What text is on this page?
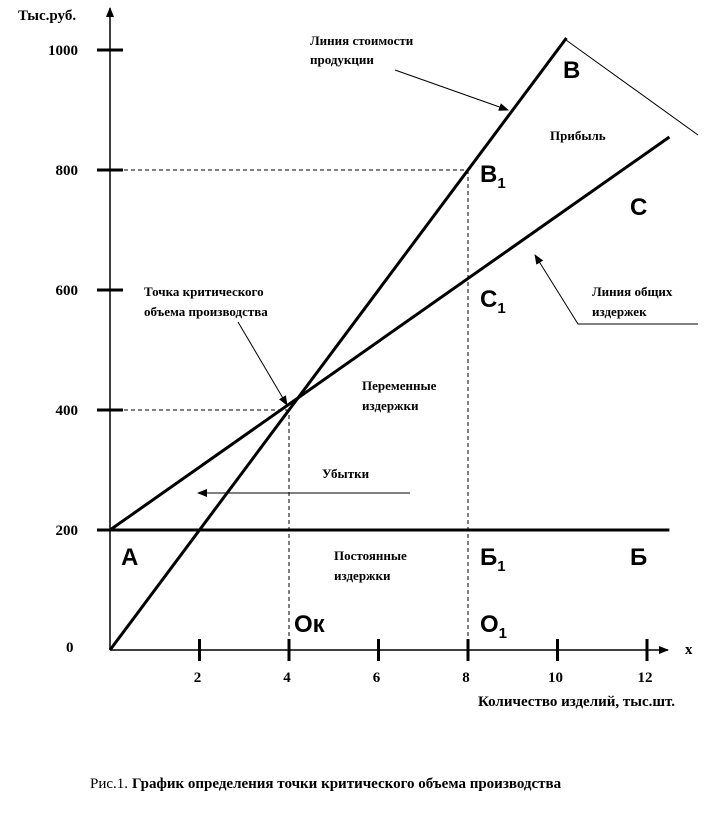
0
200
400
600
800
1000
2	4	6	8	10	12
Тыс.руб.
x
Количество изделий, тыс.шт.
Линия стоимости
продукции
Прибыль
Линия общих
издержек
Точка критического
объема производства
Переменные
издержки
Убытки
Постоянные
издержки
В
$В_1$
С
$С_1$
А	$Б_1$	Б
Ок	$О_1$
Рис.1. График определения точки критического объема производства
